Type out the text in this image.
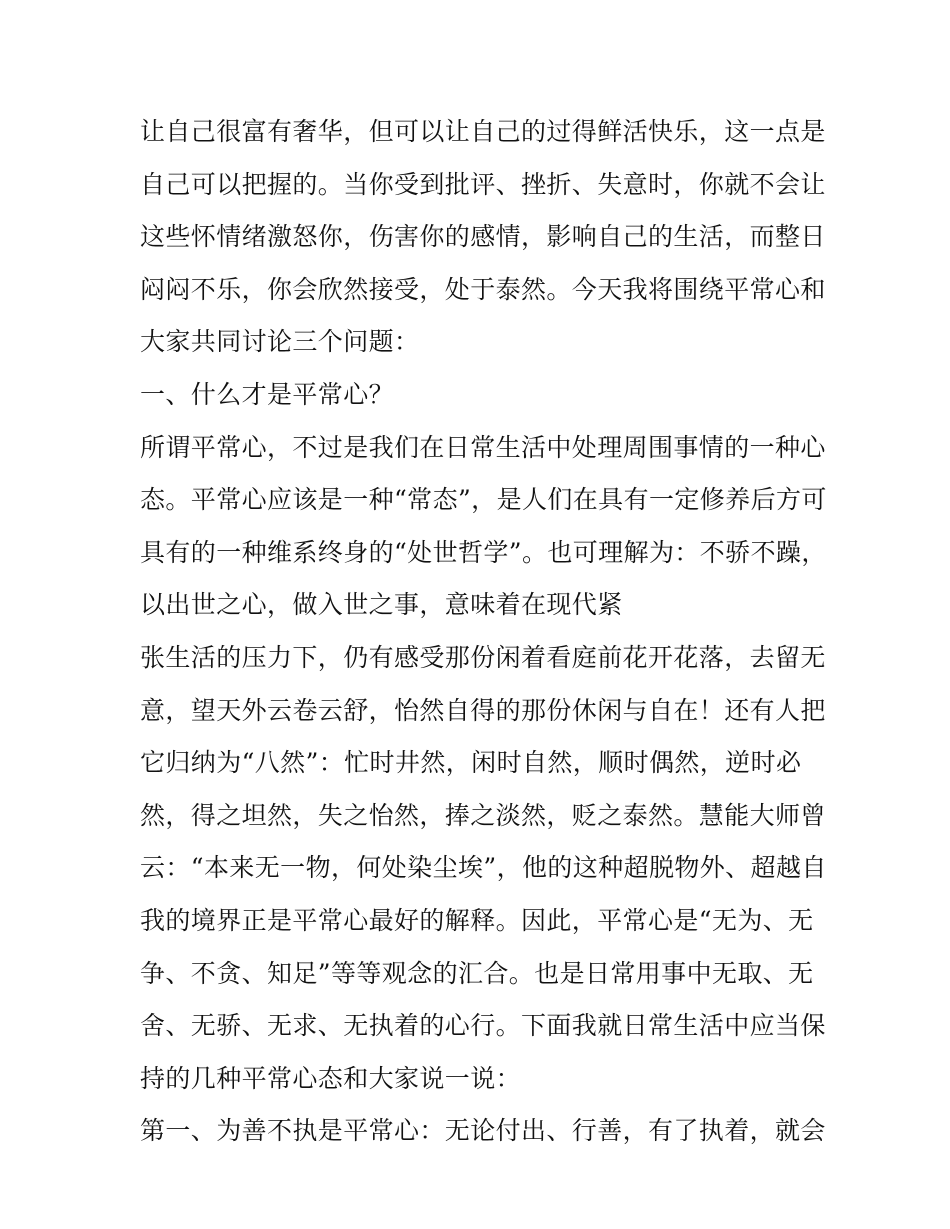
让自己很富有奢华，但可以让自己的过得鲜活快乐，这一点是
自己可以把握的。当你受到批评、挫折、失意时，你就不会让
这些怀情绪激怒你，伤害你的感情，影响自己的生活，而整日
闷闷不乐，你会欣然接受，处于泰然。今天我将围绕平常心和
大家共同讨论三个问题：
一、什么才是平常心？
所谓平常心，不过是我们在日常生活中处理周围事情的一种心
态。平常心应该是一种“常态”，是人们在具有一定修养后方可
具有的一种维系终身的“处世哲学”。也可理解为：不骄不躁，
以出世之心，做入世之事，意味着在现代紧
张生活的压力下，仍有感受那份闲着看庭前花开花落，去留无
意，望天外云卷云舒，怡然自得的那份休闲与自在！还有人把
它归纳为“八然”：忙时井然，闲时自然，顺时偶然，逆时必
然，得之坦然，失之怡然，捧之淡然，贬之泰然。慧能大师曾
云：“本来无一物，何处染尘埃”，他的这种超脱物外、超越自
我的境界正是平常心最好的解释。因此，平常心是“无为、无
争、不贪、知足”等等观念的汇合。也是日常用事中无取、无
舍、无骄、无求、无执着的心行。下面我就日常生活中应当保
持的几种平常心态和大家说一说：
第一、为善不执是平常心：无论付出、行善，有了执着，就会
